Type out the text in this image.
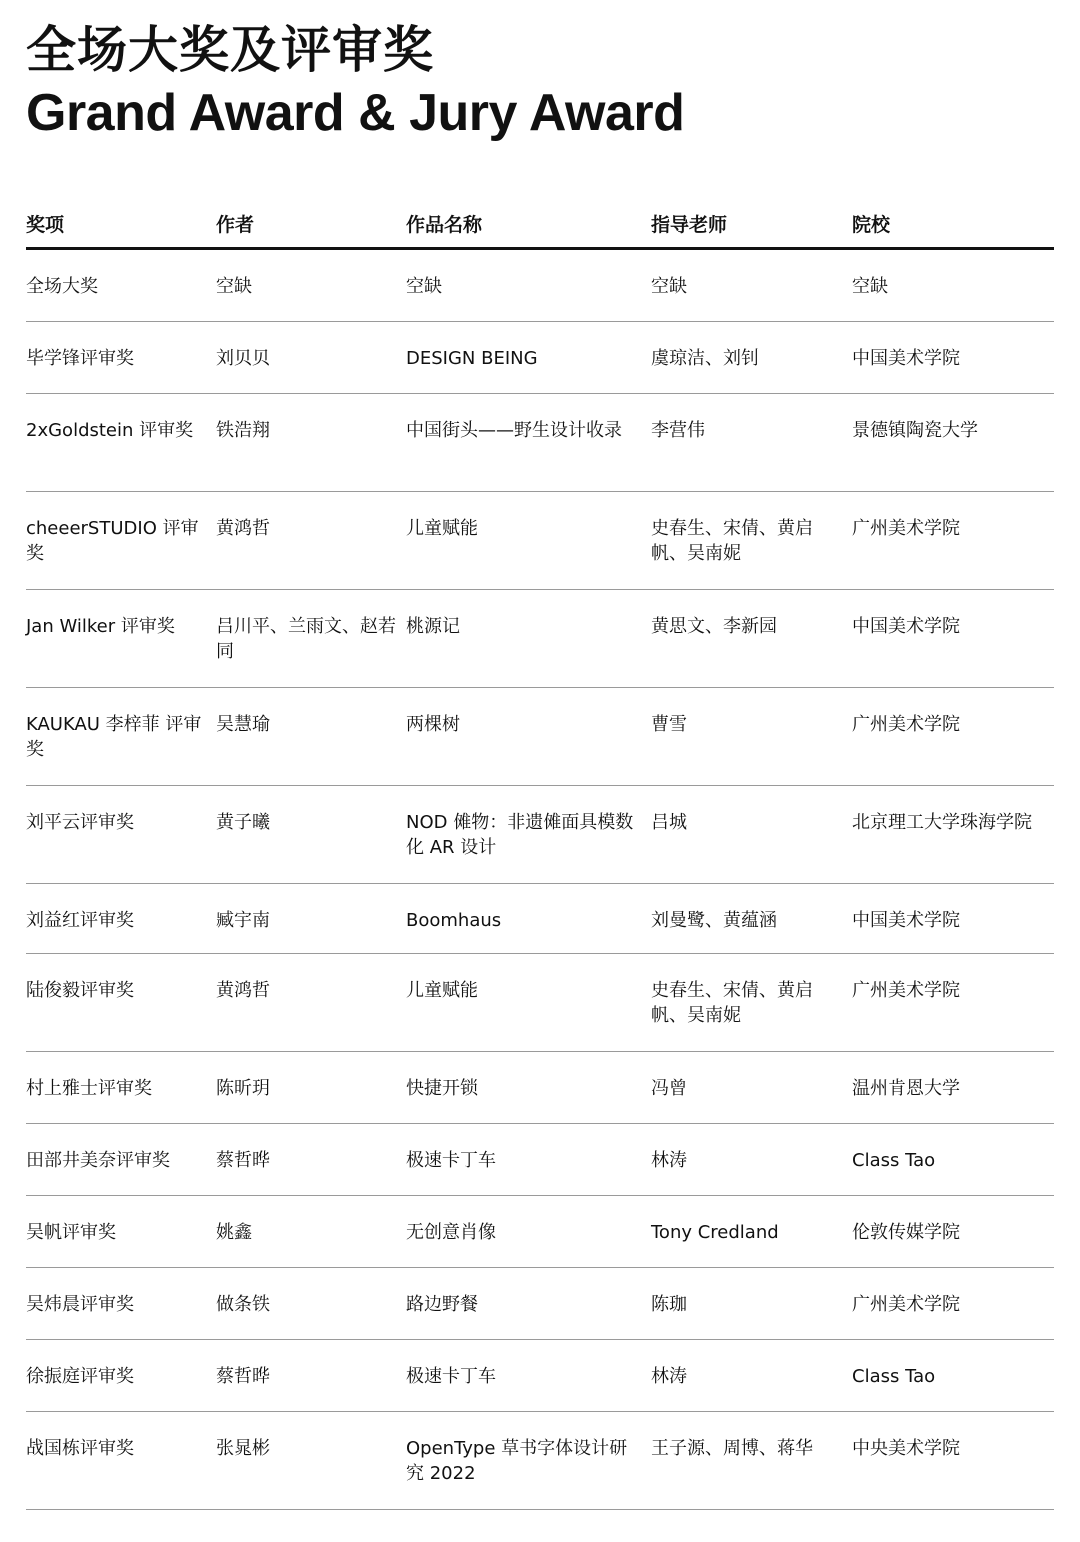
全场大奖及评审奖
Grand Award & Jury Award
奖项	作者	作品名称	指导老师	院校
全场大奖	空缺	空缺	空缺	空缺
毕学锋评审奖	刘贝贝	DESIGN BEING	虞琼洁、刘钊	中国美术学院
2xGoldstein 评审奖	铁浩翔	中国街头——野生设计收录	李营伟	景德镇陶瓷大学
cheeerSTUDIO 评审奖	黄鸿哲	儿童赋能	史春生、宋倩、黄启帆、吴南妮	广州美术学院
Jan Wilker 评审奖	吕川平、兰雨文、赵若同	桃源记	黄思文、李新园	中国美术学院
KAUKAU 李梓菲 评审奖	吴慧瑜	两棵树	曹雪	广州美术学院
刘平云评审奖	黄子曦	NOD 傩物：非遗傩面具模数化 AR 设计	吕城	北京理工大学珠海学院
刘益红评审奖	臧宇南	Boomhaus	刘曼鹭、黄蕴涵	中国美术学院
陆俊毅评审奖	黄鸿哲	儿童赋能	史春生、宋倩、黄启帆、吴南妮	广州美术学院
村上雅士评审奖	陈昕玥	快捷开锁	冯曾	温州肯恩大学
田部井美奈评审奖	蔡哲晔	极速卡丁车	林涛	Class Tao
吴帆评审奖	姚鑫	无创意肖像	Tony Credland	伦敦传媒学院
吴炜晨评审奖	做条铁	路边野餐	陈珈	广州美术学院
徐振庭评审奖	蔡哲晔	极速卡丁车	林涛	Class Tao
战国栋评审奖	张晁彬	OpenType 草书字体设计研究 2022	王子源、周博、蒋华	中央美术学院
